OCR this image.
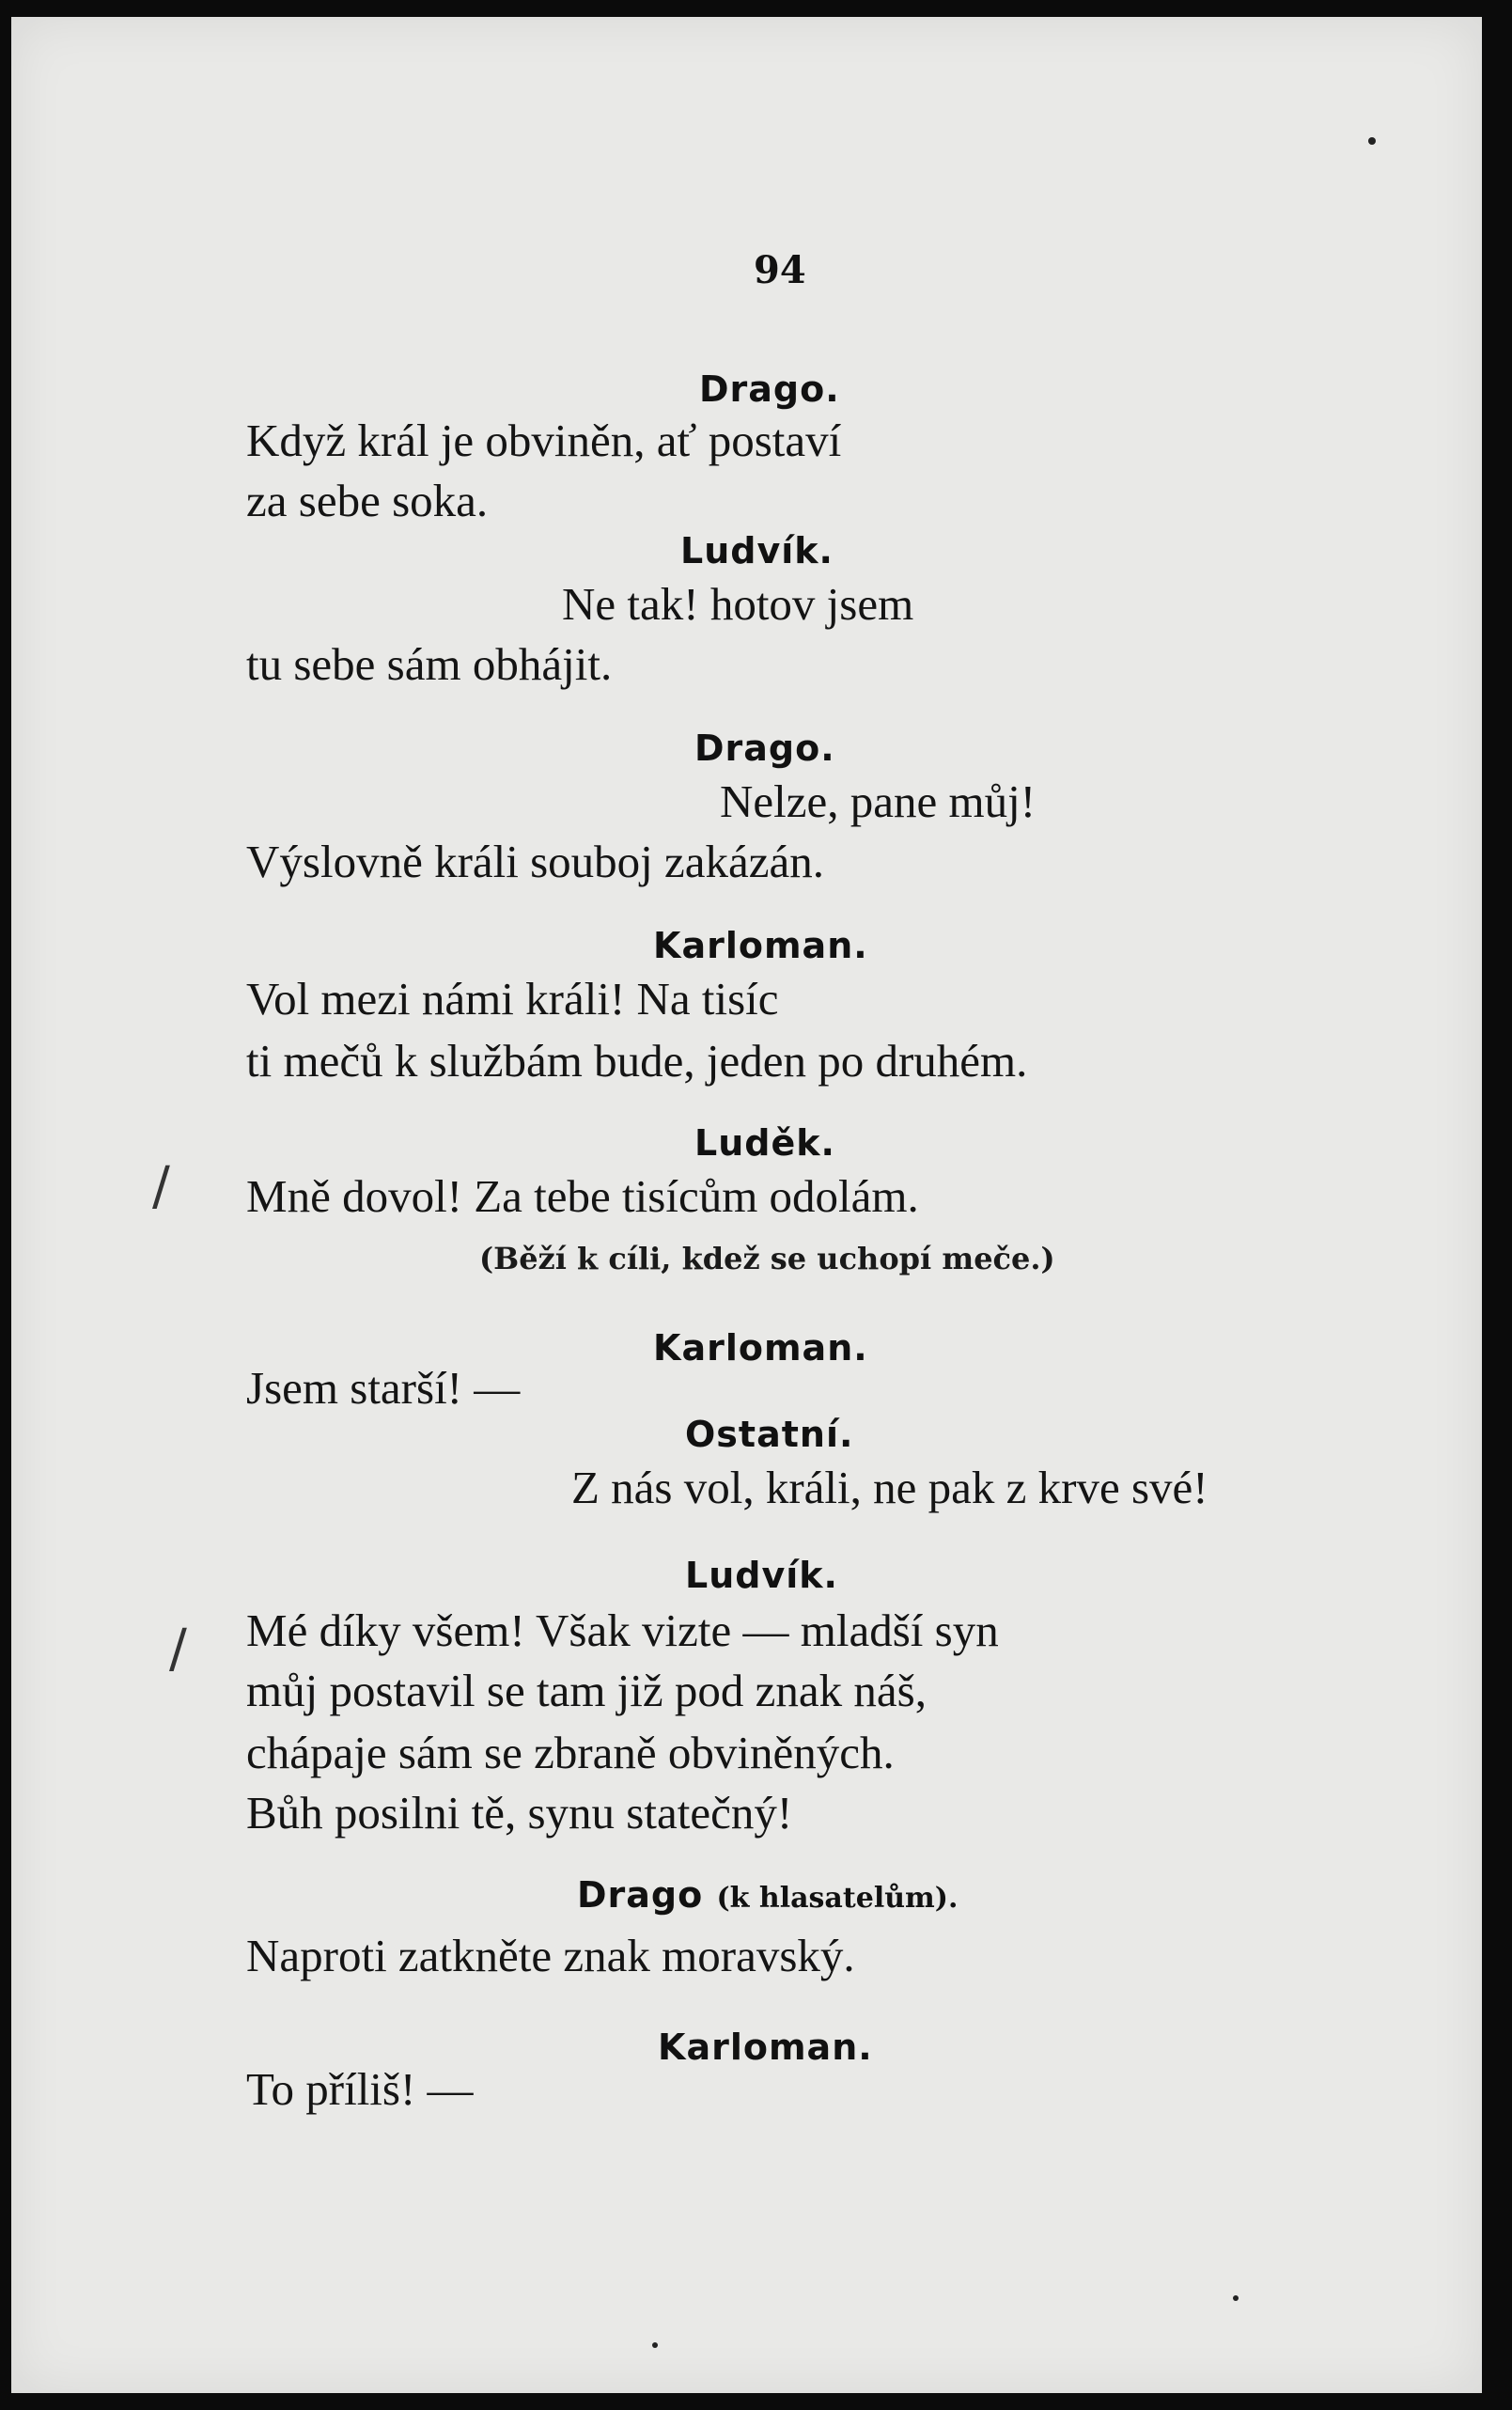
94
Drago.
Když král je obviněn, ať postaví
za sebe soka.
Ludvík.
Ne tak! hotov jsem
tu sebe sám obhájit.
Drago.
Nelze, pane můj!
Výslovně králi souboj zakázán.
Karloman.
Vol mezi námi králi! Na tisíc
ti mečů k službám bude, jeden po druhém.
/
Luděk.
Mně dovol! Za tebe tisícům odolám.
(Běží k cíli, kdež se uchopí meče.)
Karloman.
Jsem starší! —
Ostatní.
Z nás vol, králi, ne pak z krve své!
Ludvík.
/ Mé díky všem! Však vizte — mladší syn
můj postavil se tam již pod znak náš,
chápaje sám se zbraně obviněných.
Bůh posilni tě, synu statečný!
Drago (k hlasatelům).
Naproti zatkněte znak moravský.
Karloman.
To příliš! —
